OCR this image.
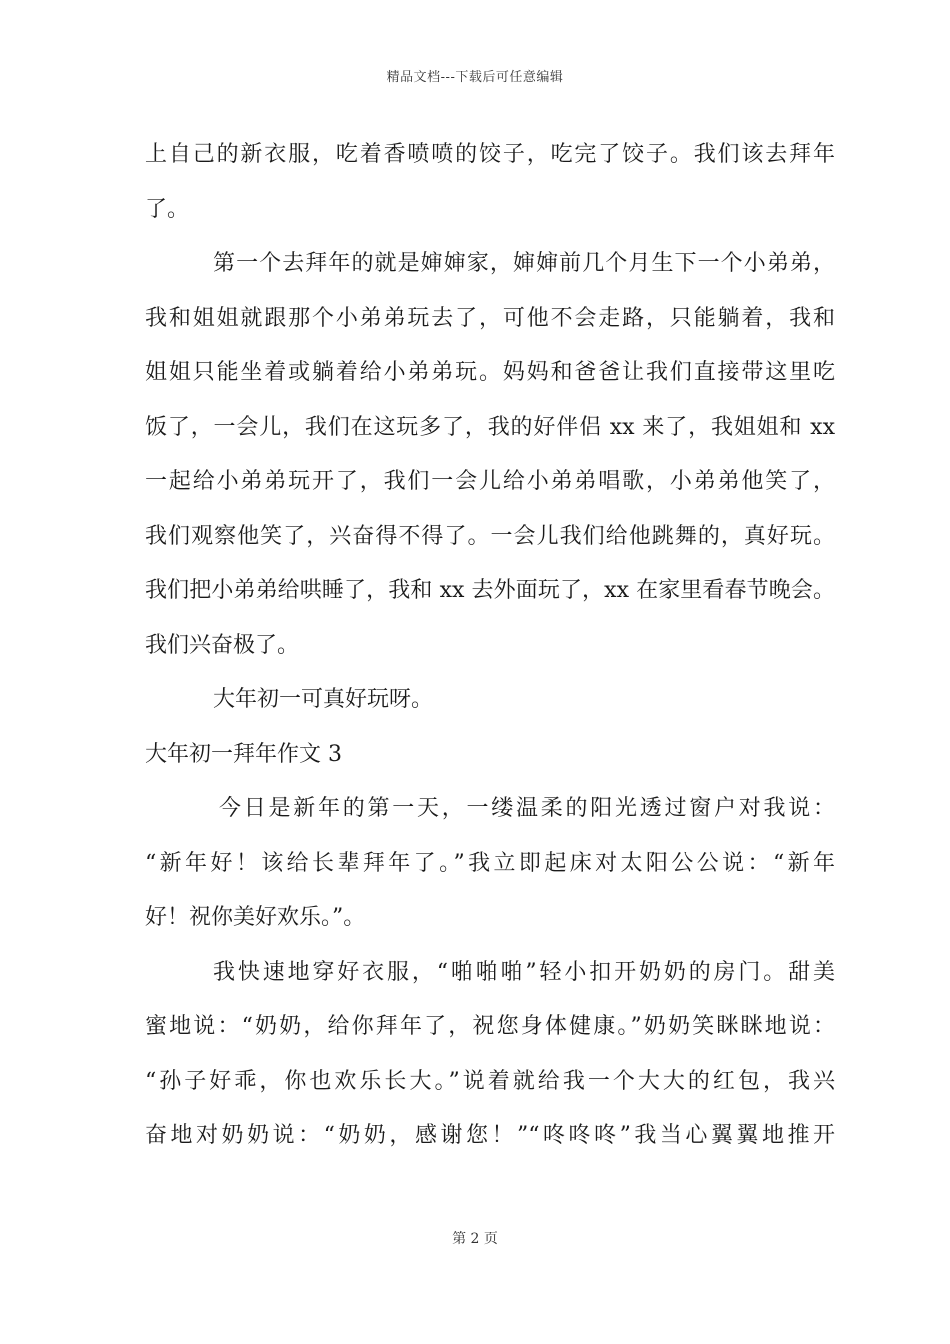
精品文档---下载后可任意编辑
上自己的新衣服，吃着香喷喷的饺子，吃完了饺子。我们该去拜年
了。
第一个去拜年的就是婶婶家，婶婶前几个月生下一个小弟弟，
我和姐姐就跟那个小弟弟玩去了，可他不会走路，只能躺着，我和
姐姐只能坐着或躺着给小弟弟玩。妈妈和爸爸让我们直接带这里吃
饭了，一会儿，我们在这玩多了，我的好伴侣 xx 来了，我姐姐和 xx
一起给小弟弟玩开了，我们一会儿给小弟弟唱歌，小弟弟他笑了，
我们观察他笑了，兴奋得不得了。一会儿我们给他跳舞的，真好玩。
我们把小弟弟给哄睡了，我和 xx 去外面玩了，xx 在家里看春节晚会。
我们兴奋极了。
大年初一可真好玩呀。
大年初一拜年作文 3
今日是新年的第一天，一缕温柔的阳光透过窗户对我说：
“新年好！该给长辈拜年了。”我立即起床对太阳公公说：“新年
好！祝你美好欢乐。”。
我快速地穿好衣服，“啪啪啪”轻小扣开奶奶的房门。甜美
蜜地说：“奶奶，给你拜年了，祝您身体健康。”奶奶笑眯眯地说：
“孙子好乖，你也欢乐长大。”说着就给我一个大大的红包，我兴
奋地对奶奶说：“奶奶，感谢您！”“咚咚咚”我当心翼翼地推开
第 2 页
